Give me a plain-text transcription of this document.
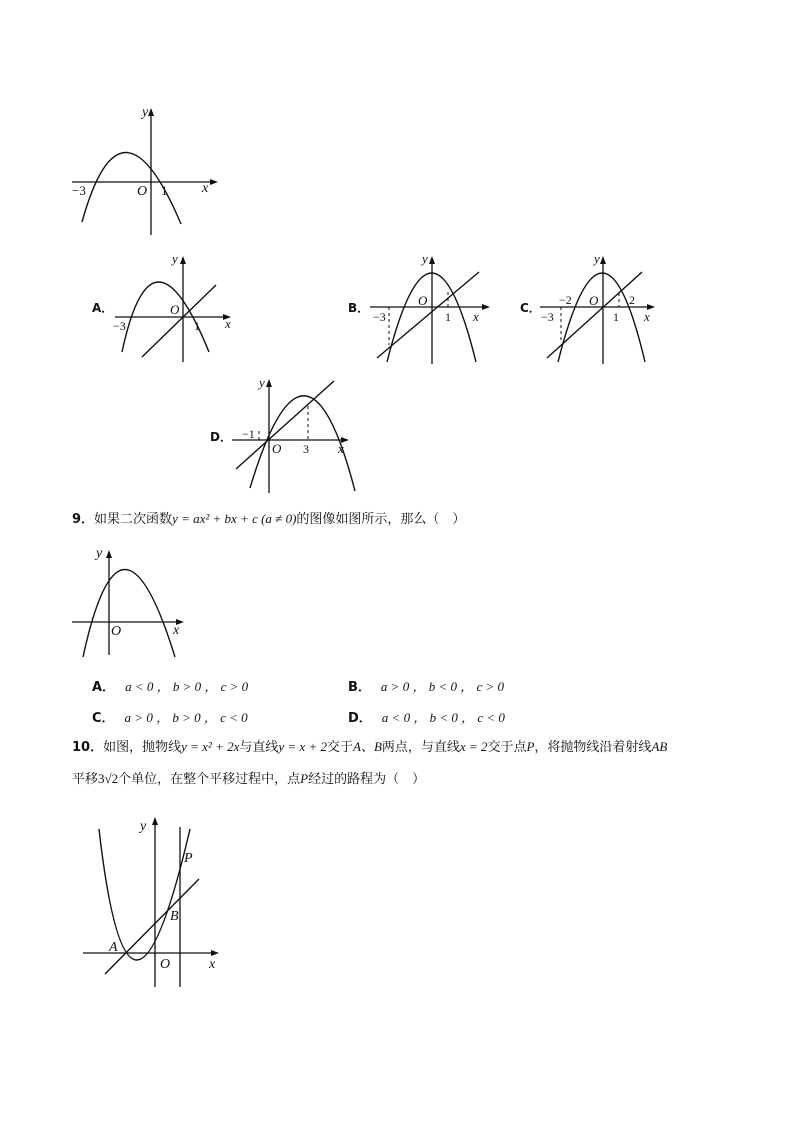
y
x
O
−3	1
A．
y
x
O
−3	1
B．
y
x
O
−3	1
C．
y
x
O
−3
−2
1
2
D．
y
x
O
−1
3
9．如果二次函数y = ax² + bx + c (a ≠ 0)的图像如图所示，那么（　）
y
x
O
A． a < 0 ， b > 0 ， c > 0	B． a > 0 ， b < 0 ， c > 0
C． a > 0 ， b > 0 ， c < 0	D． a < 0 ， b < 0 ， c < 0
10．如图，抛物线y = x² + 2x与直线y = x + 2交于A、B两点，与直线x = 2交于点P，将抛物线沿着射线AB
平移3√2个单位，在整个平移过程中，点P经过的路程为（　）
y
x
O
A
B
P
